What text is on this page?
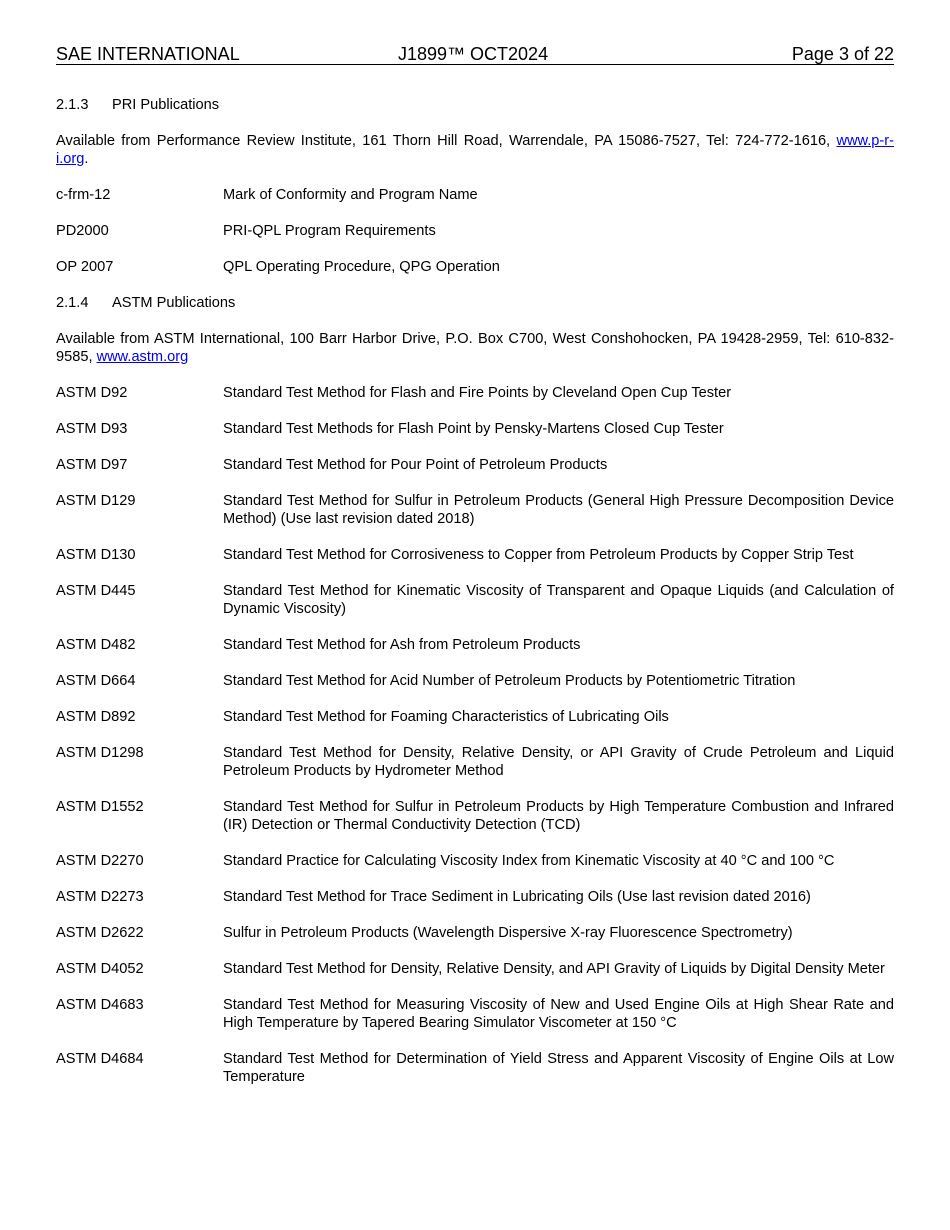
SAE INTERNATIONAL	J1899™ OCT2024	Page 3 of 22
2.1.3 PRI Publications

Available from Performance Review Institute, 161 Thorn Hill Road, Warrendale, PA 15086-7527, Tel: 724-772-1616, www.p-r-i.org.

c-frm-12	Mark of Conformity and Program Name
PD2000	PRI-QPL Program Requirements
OP 2007	QPL Operating Procedure, QPG Operation
2.1.4 ASTM Publications

Available from ASTM International, 100 Barr Harbor Drive, P.O. Box C700, West Conshohocken, PA 19428-2959, Tel: 610-832-9585, www.astm.org

ASTM D92	Standard Test Method for Flash and Fire Points by Cleveland Open Cup Tester
ASTM D93	Standard Test Methods for Flash Point by Pensky-Martens Closed Cup Tester
ASTM D97	Standard Test Method for Pour Point of Petroleum Products
ASTM D129	Standard Test Method for Sulfur in Petroleum Products (General High Pressure Decomposition Device Method) (Use last revision dated 2018)
ASTM D130	Standard Test Method for Corrosiveness to Copper from Petroleum Products by Copper Strip Test
ASTM D445	Standard Test Method for Kinematic Viscosity of Transparent and Opaque Liquids (and Calculation of Dynamic Viscosity)
ASTM D482	Standard Test Method for Ash from Petroleum Products
ASTM D664	Standard Test Method for Acid Number of Petroleum Products by Potentiometric Titration
ASTM D892	Standard Test Method for Foaming Characteristics of Lubricating Oils
ASTM D1298	Standard Test Method for Density, Relative Density, or API Gravity of Crude Petroleum and Liquid Petroleum Products by Hydrometer Method
ASTM D1552	Standard Test Method for Sulfur in Petroleum Products by High Temperature Combustion and Infrared (IR) Detection or Thermal Conductivity Detection (TCD)
ASTM D2270	Standard Practice for Calculating Viscosity Index from Kinematic Viscosity at 40 °C and 100 °C
ASTM D2273	Standard Test Method for Trace Sediment in Lubricating Oils (Use last revision dated 2016)
ASTM D2622	Sulfur in Petroleum Products (Wavelength Dispersive X-ray Fluorescence Spectrometry)
ASTM D4052	Standard Test Method for Density, Relative Density, and API Gravity of Liquids by Digital Density Meter
ASTM D4683	Standard Test Method for Measuring Viscosity of New and Used Engine Oils at High Shear Rate and High Temperature by Tapered Bearing Simulator Viscometer at 150 °C
ASTM D4684	Standard Test Method for Determination of Yield Stress and Apparent Viscosity of Engine Oils at Low Temperature
